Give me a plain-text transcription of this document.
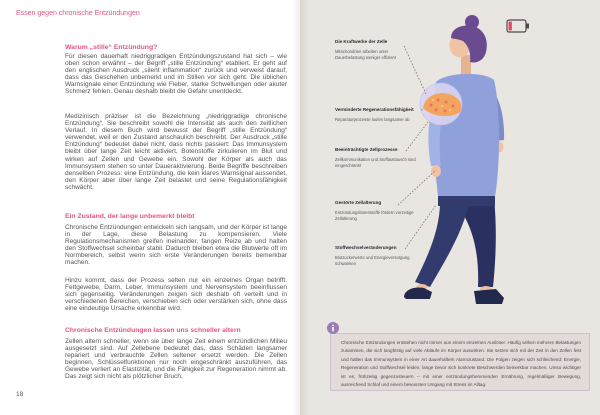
Essen gegen chronische Entzündungen
Warum „stille“ Entzündung?

Für diesen dauerhaft niedriggradigen Entzündungszustand hat sich – wie oben schon erwähnt – der Begriff „stille Entzündung“ etabliert. Er geht auf den englischen Ausdruck „silent inflammation“ zurück und verweist darauf, dass das Geschehen unbemerkt und im Stillen vor sich geht. Die üblichen Warnsignale einer Entzündung wie Fieber, starke Schwellungen oder akuter Schmerz fehlen. Genau deshalb bleibt die Gefahr unentdeckt.

Medizinisch präziser ist die Bezeichnung „niedriggradige chronische Entzündung“. Sie beschreibt sowohl die Intensität als auch den zeitlichen Verlauf. In diesem Buch wird bewusst der Begriff „stille Entzündung“ verwendet, weil er den Zustand anschaulich beschreibt. Der Ausdruck „stille Entzündung“ bedeutet dabei nicht, dass nichts passiert: Das Immunsystem bleibt über lange Zeit leicht aktiviert, Botenstoffe zirkulieren im Blut und wirken auf Zellen und Gewebe ein. Sowohl der Körper als auch das Immunsystem stehen so unter Daueraktivierung. Beide Begriffe beschreiben denselben Prozess: eine Entzündung, die kein klares Warnsignal aussendet, den Körper aber über lange Zeit belastet und seine Regulationsfähigkeit schwächt.

Ein Zustand, der lange unbemerkt bleibt

Chronische Entzündungen entwickeln sich langsam, und der Körper ist lange in der Lage, diese Belastung zu kompensieren. Viele Regulationsmechanismen greifen ineinander, fangen Reize ab und halten den Stoffwechsel scheinbar stabil. Dadurch bleiben etwa die Blutwerte oft im Normbereich, selbst wenn sich erste Veränderungen bereits bemerkbar machen.

Hinzu kommt, dass der Prozess selten nur ein einzelnes Organ betrifft. Fettgewebe, Darm, Leber, Immunsystem und Nervensystem beeinflussen sich gegenseitig. Veränderungen zeigen sich deshalb oft verteilt und in verschiedenen Bereichen, verschieben sich oder verstärken sich, ohne dass eine eindeutige Ursache erkennbar wird.

Chronische Entzündungen lassen uns schneller altern

Zellen altern schneller, wenn sie über lange Zeit einem entzündlichen Milieu ausgesetzt sind. Auf Zellebene bedeutet das, dass Schäden langsamer repariert und verbrauchte Zellen seltener ersetzt werden. Die Zellen beginnen, Schlüsselfunktionen nur noch eingeschränkt auszuführen, das Gewebe verliert an Elastizität, und die Fähigkeit zur Regeneration nimmt ab. Das zeigt sich nicht als plötzlicher Bruch,

18
Die Kraftwerke der Zelle
Mitochondrien arbeiten unter Dauerbelastung weniger effizient
Verminderte Regenerationsfähigkeit
Reparaturprozesse laufen langsamer ab
Beeinträchtigte Zellprozesse
Zellkommunikation und Stoffaustausch sind eingeschränkt
Gestörte Zellalterung
Entzündungsbotenstoffe fördern vorzeitige Zellalterung
Stoffwechselveränderungen
Blutzuckerwerte und Energieversorgung schwanken

Chronische Entzündungen entstehen nicht immer aus einem einzelnen Auslöser. Häufig wirken mehrere Belastungen zusammen, die sich langfristig auf viele Abläufe im Körper auswirken. Sie setzen sich mit der Zeit in den Zellen fest und halten das Immunsystem in einer Art dauerhaftem Alarmzustand. Die Folgen zeigen sich schleichend: Energie, Regeneration und Stoffwechsel leiden, lange bevor sich konkrete Beschwerden bemerkbar machen. Umso wichtiger ist es, frühzeitig gegenzusteuern – mit einer entzündungshemmenden Ernährung, regelmäßiger Bewegung, ausreichend Schlaf und einem bewussten Umgang mit Stress im Alltag.
